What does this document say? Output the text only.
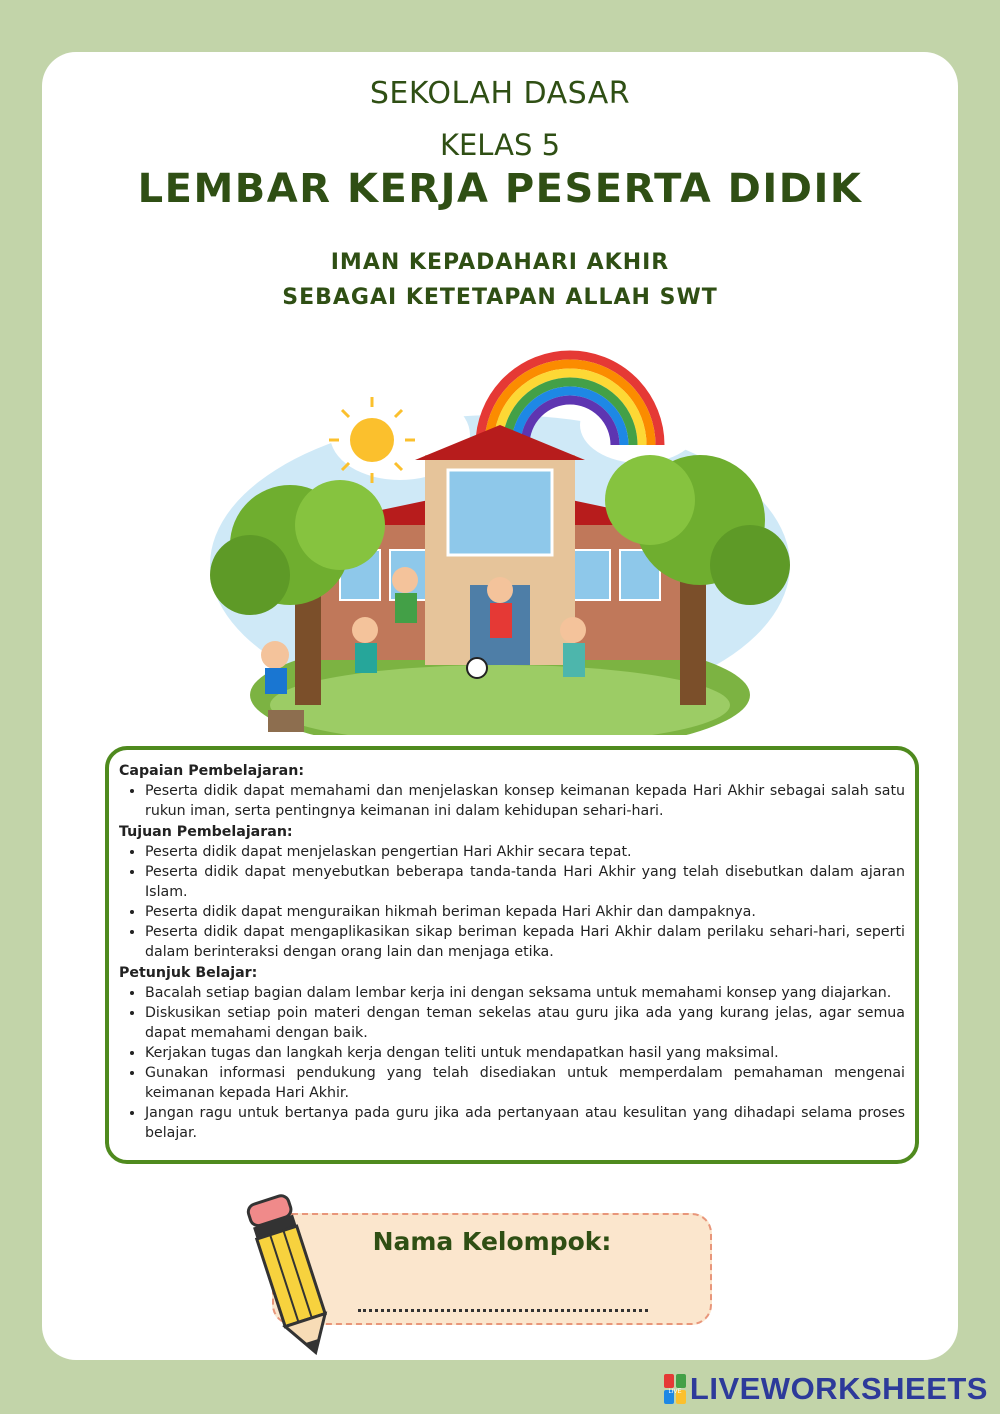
SEKOLAH DASAR
KELAS 5
LEMBAR KERJA PESERTA DIDIK
IMAN KEPADAHARI AKHIR
SEBAGAI KETETAPAN ALLAH SWT
Capaian Pembelajaran:
• Peserta didik dapat memahami dan menjelaskan konsep keimanan kepada Hari Akhir sebagai salah satu rukun iman, serta pentingnya keimanan ini dalam kehidupan sehari-hari.
Tujuan Pembelajaran:
• Peserta didik dapat menjelaskan pengertian Hari Akhir secara tepat.
• Peserta didik dapat menyebutkan beberapa tanda-tanda Hari Akhir yang telah disebutkan dalam ajaran Islam.
• Peserta didik dapat menguraikan hikmah beriman kepada Hari Akhir dan dampaknya.
• Peserta didik dapat mengaplikasikan sikap beriman kepada Hari Akhir dalam perilaku sehari-hari, seperti dalam berinteraksi dengan orang lain dan menjaga etika.
Petunjuk Belajar:
• Bacalah setiap bagian dalam lembar kerja ini dengan seksama untuk memahami konsep yang diajarkan.
• Diskusikan setiap poin materi dengan teman sekelas atau guru jika ada yang kurang jelas, agar semua dapat memahami dengan baik.
• Kerjakan tugas dan langkah kerja dengan teliti untuk mendapatkan hasil yang maksimal.
• Gunakan informasi pendukung yang telah disediakan untuk memperdalam pemahaman mengenai keimanan kepada Hari Akhir.
• Jangan ragu untuk bertanya pada guru jika ada pertanyaan atau kesulitan yang dihadapi selama proses belajar.
Nama Kelompok:
LIVE LIVEWORKSHEETS
